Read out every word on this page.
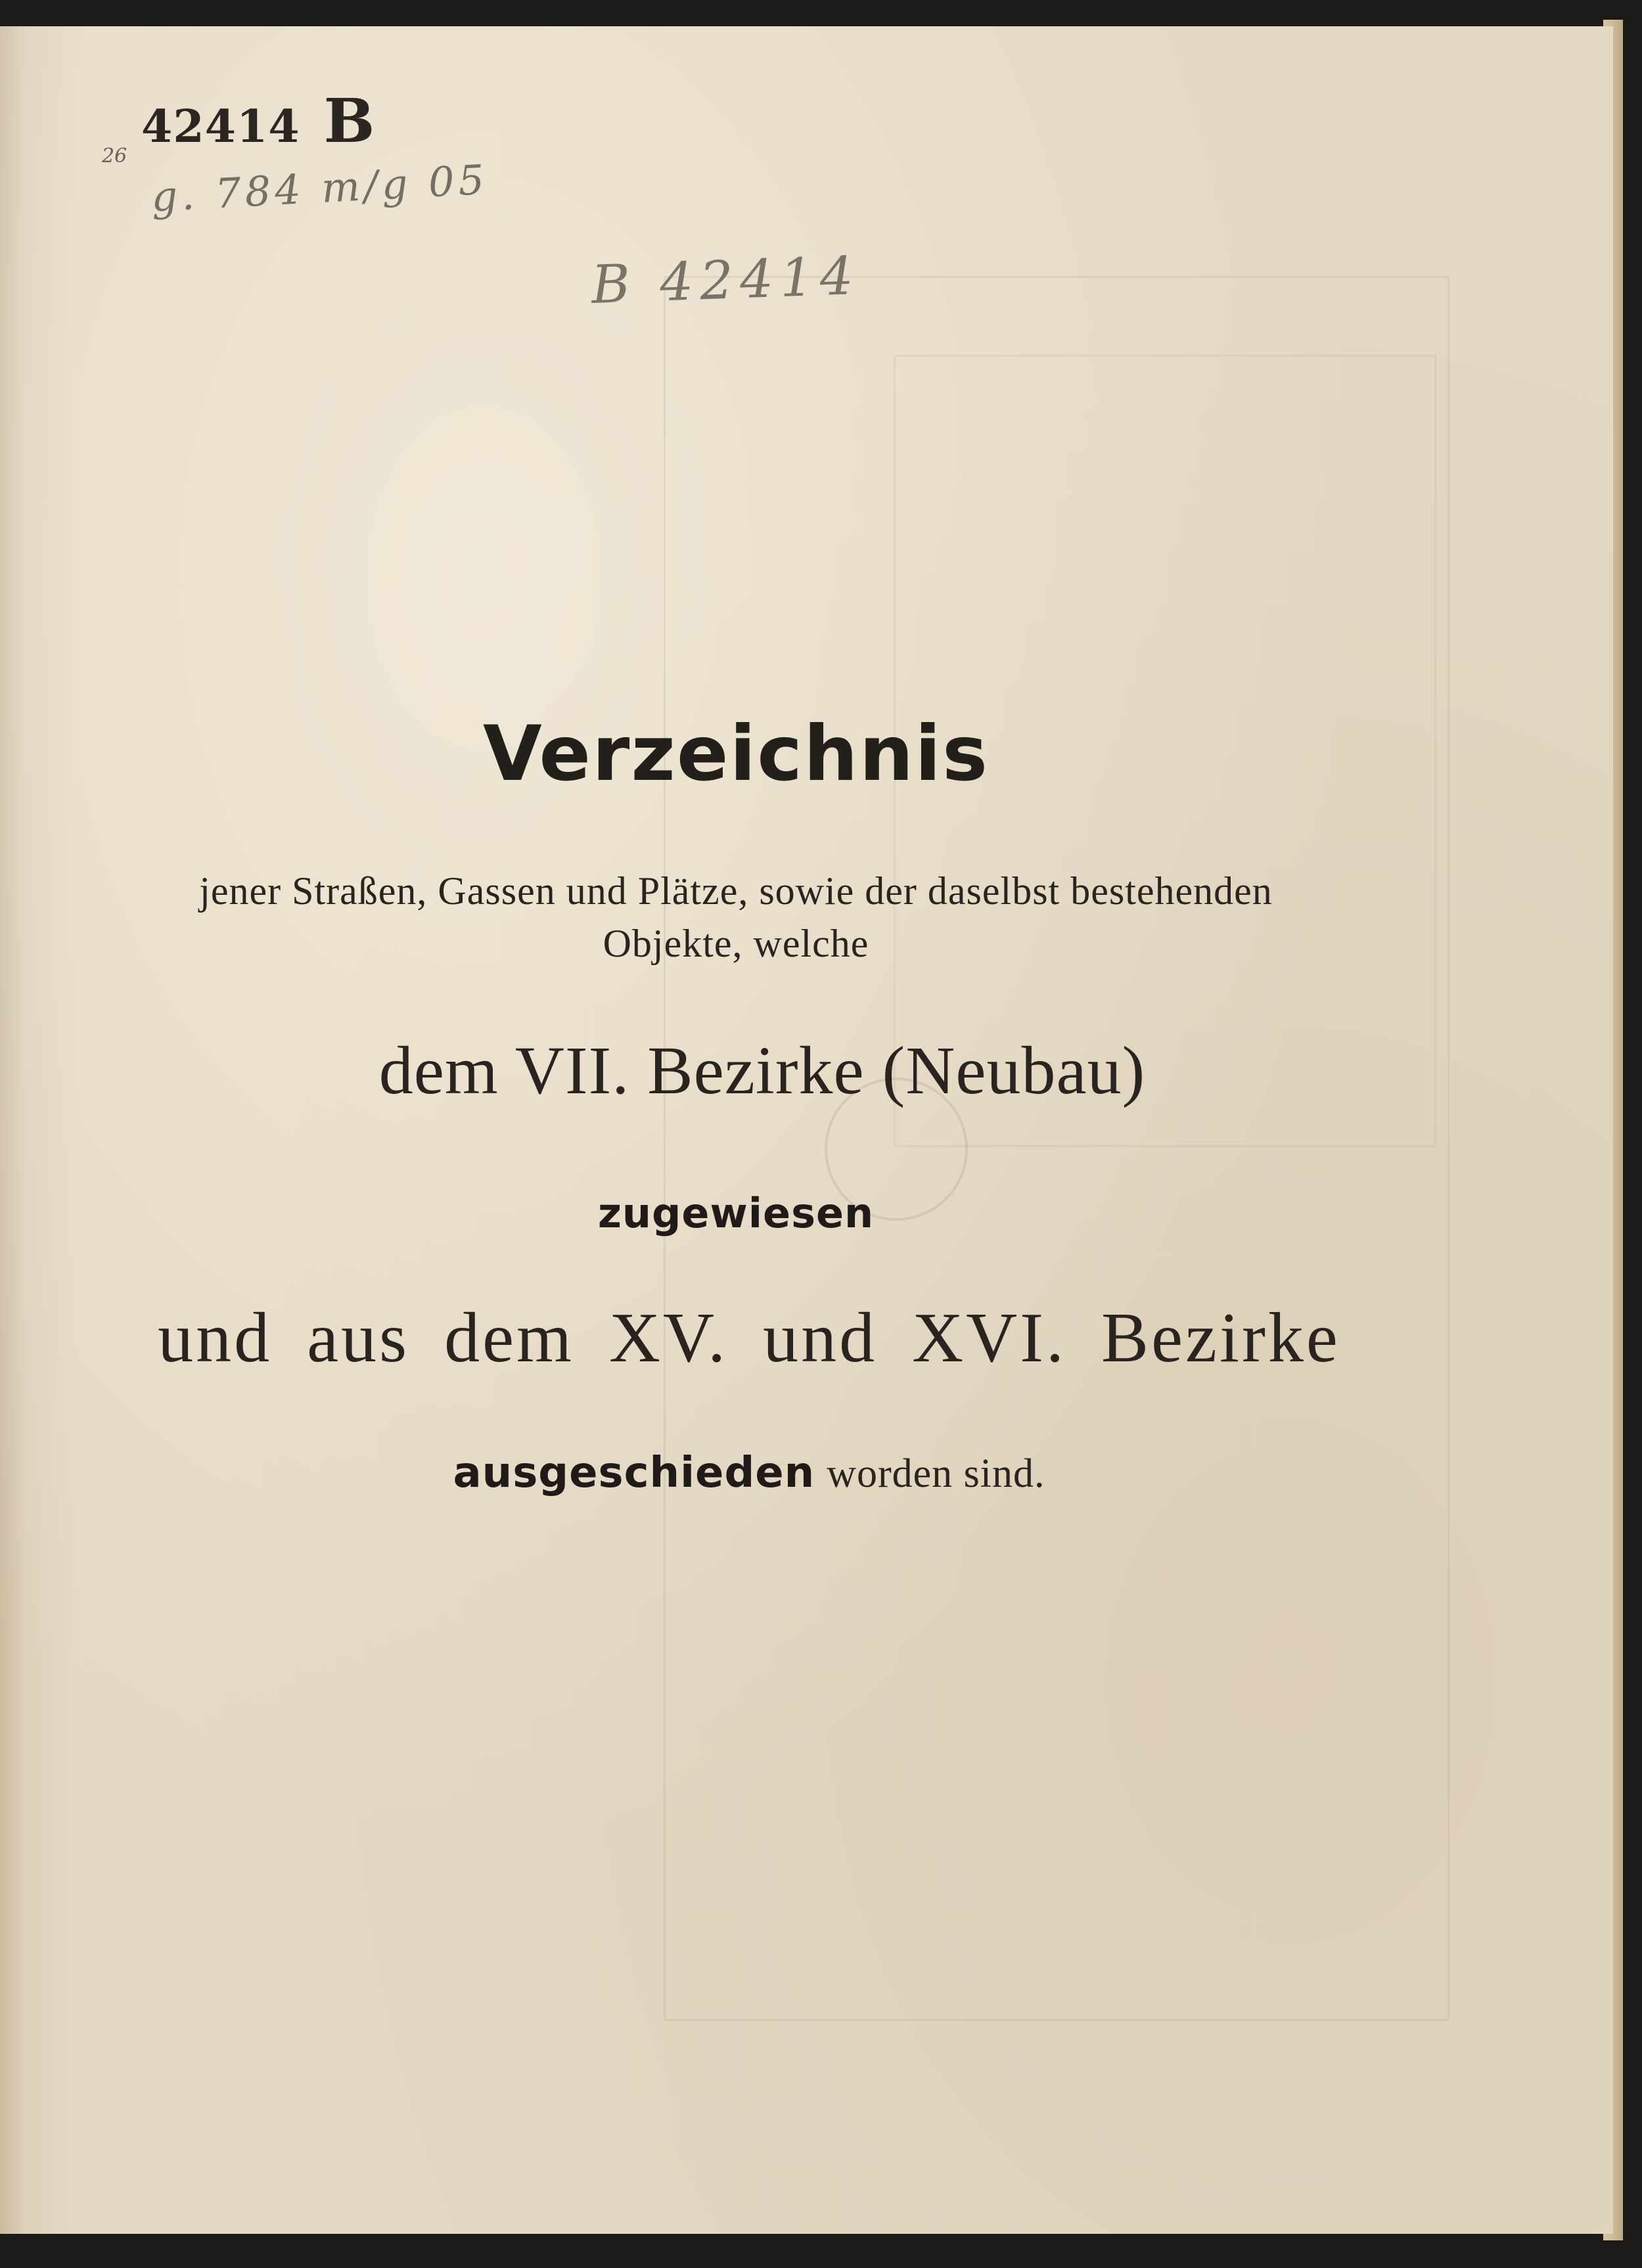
42414 B
26 g. 784 m/g 05
B 42414
Verzeichnis
jener Straßen, Gassen und Plätze, sowie der daselbst bestehenden
Objekte, welche
dem VII. Bezirke (Neubau)
zugewiesen
und aus dem XV. und XVI. Bezirke
ausgeschieden worden sind.
